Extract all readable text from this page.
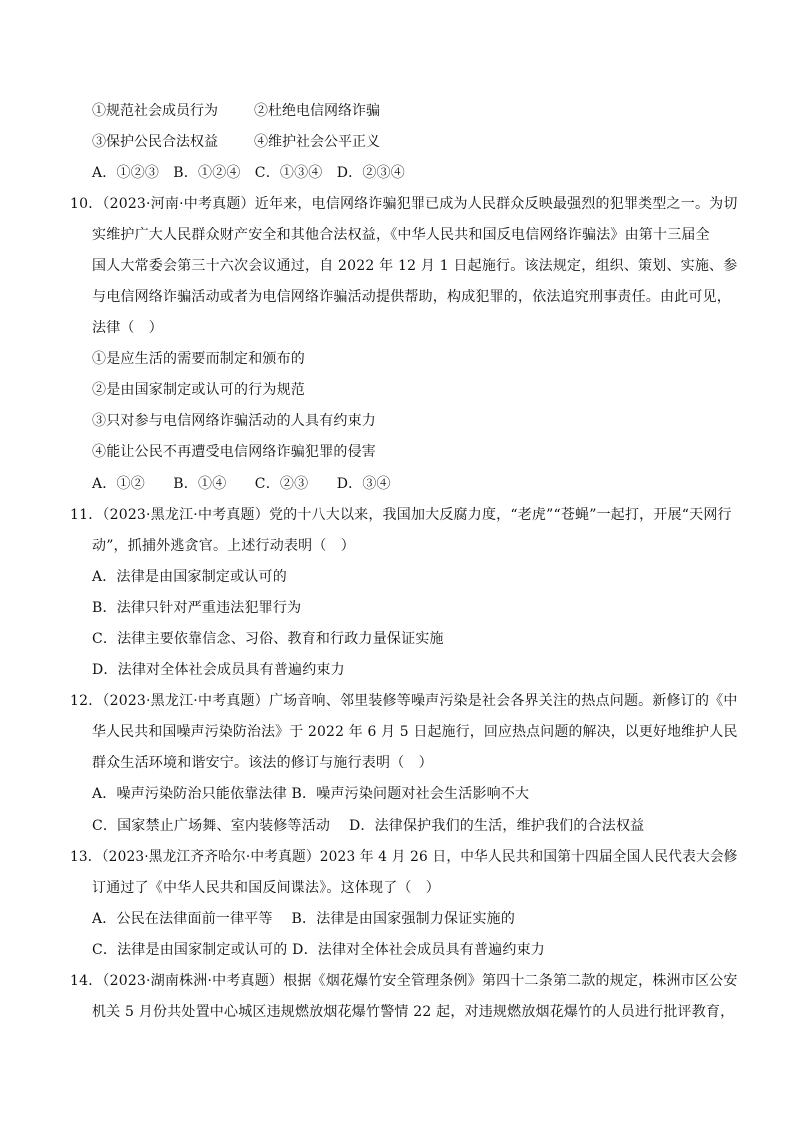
①规范社会成员行为	②杜绝电信网络诈骗
③保护公民合法权益	④维护社会公平正义
A．①②③　B．①②④　C．①③④　D．②③④
10．（2023·河南·中考真题）近年来，电信网络诈骗犯罪已成为人民群众反映最强烈的犯罪类型之一。为切
实维护广大人民群众财产安全和其他合法权益，《中华人民共和国反电信网络诈骗法》由第十三届全
国人大常委会第三十六次会议通过，自 2022 年 12 月 1 日起施行。该法规定，组织、策划、实施、参
与电信网络诈骗活动或者为电信网络诈骗活动提供帮助，构成犯罪的，依法追究刑事责任。由此可见，
法律（　）
①是应生活的需要而制定和颁布的
②是由国家制定或认可的行为规范
③只对参与电信网络诈骗活动的人具有约束力
④能让公民不再遭受电信网络诈骗犯罪的侵害
A．①②　　B．①④　　C．②③　　D．③④
11．（2023·黑龙江·中考真题）党的十八大以来，我国加大反腐力度，“老虎”“苍蝇”一起打，开展“天网行
动”，抓捕外逃贪官。上述行动表明（　）
A．法律是由国家制定或认可的
B．法律只针对严重违法犯罪行为
C．法律主要依靠信念、习俗、教育和行政力量保证实施
D．法律对全体社会成员具有普遍约束力
12．（2023·黑龙江·中考真题）广场音响、邻里装修等噪声污染是社会各界关注的热点问题。新修订的《中
华人民共和国噪声污染防治法》于 2022 年 6 月 5 日起施行，回应热点问题的解决，以更好地维护人民
群众生活环境和谐安宁。该法的修订与施行表明（　）
A．噪声污染防治只能依靠法律 B．噪声污染问题对社会生活影响不大
C．国家禁止广场舞、室内装修等活动　 D．法律保护我们的生活，维护我们的合法权益
13．（2023·黑龙江齐齐哈尔·中考真题）2023 年 4 月 26 日，中华人民共和国第十四届全国人民代表大会修
订通过了《中华人民共和国反间谍法》。这体现了（　）
A．公民在法律面前一律平等　 B．法律是由国家强制力保证实施的
C．法律是由国家制定或认可的 D．法律对全体社会成员具有普遍约束力
14．（2023·湖南株洲·中考真题）根据《烟花爆竹安全管理条例》第四十二条第二款的规定，株洲市区公安
机关 5 月份共处置中心城区违规燃放烟花爆竹警情 22 起，对违规燃放烟花爆竹的人员进行批评教育，
